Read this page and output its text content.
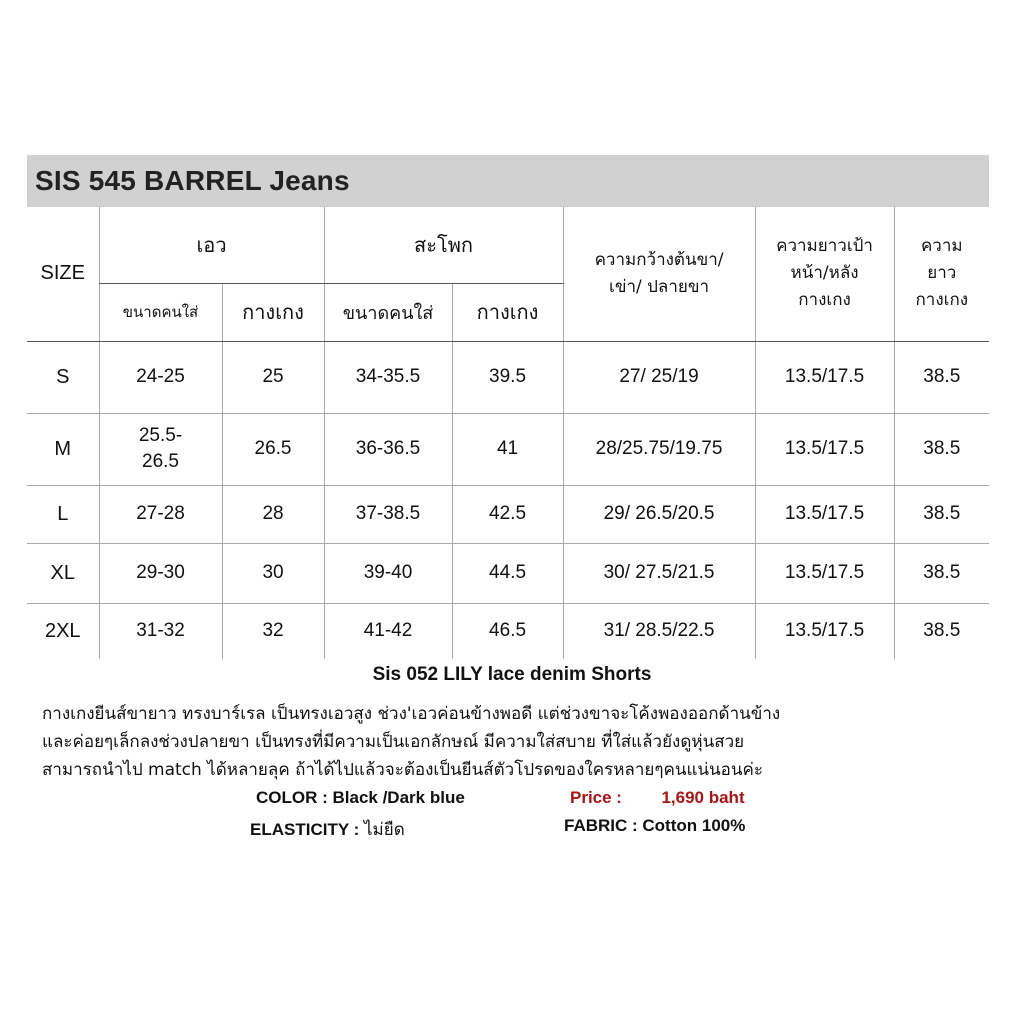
SIS 545 BARREL Jeans
SIZE	เอว		สะโพก		ความกว้างต้นขา/ เข่า/ ปลายขา	ความยาวเป้า หน้า/หลัง กางเกง	ความ ยาว กางเกง

	ขนาดคนใส่	กางเกง	ขนาดคนใส่	กางเกง			
S	24-25	25	34-35.5	39.5	27/ 25/19	13.5/17.5	38.5
M	25.5-26.5	26.5	36-36.5	41	28/25.75/19.75	13.5/17.5	38.5
L	27-28	28	37-38.5	42.5	29/ 26.5/20.5	13.5/17.5	38.5
XL	29-30	30	39-40	44.5	30/ 27.5/21.5	13.5/17.5	38.5
2XL	31-32	32	41-42	46.5	31/ 28.5/22.5	13.5/17.5	38.5
Sis 052 LILY lace denim Shorts
กางเกงยีนส์ขายาว ทรงบาร์เรล เป็นทรงเอวสูง ช่วง'เอวค่อนข้างพอดี แต่ช่วงขาจะโค้งพองออกด้านข้าง
และค่อยๆเล็กลงช่วงปลายขา เป็นทรงที่มีความเป็นเอกลักษณ์ มีความใส่สบาย ที่ใส่แล้วยังดูหุ่นสวย
สามารถนำไป match ได้หลายลุค ถ้าได้ไปแล้วจะต้องเป็นยีนส์ตัวโปรดของใครหลายๆคนแน่นอนค่ะ
COLOR : Black /Dark blue	Price : 1,690 baht
ELASTICITY : ไม่ยืด	FABRIC : Cotton 100%
